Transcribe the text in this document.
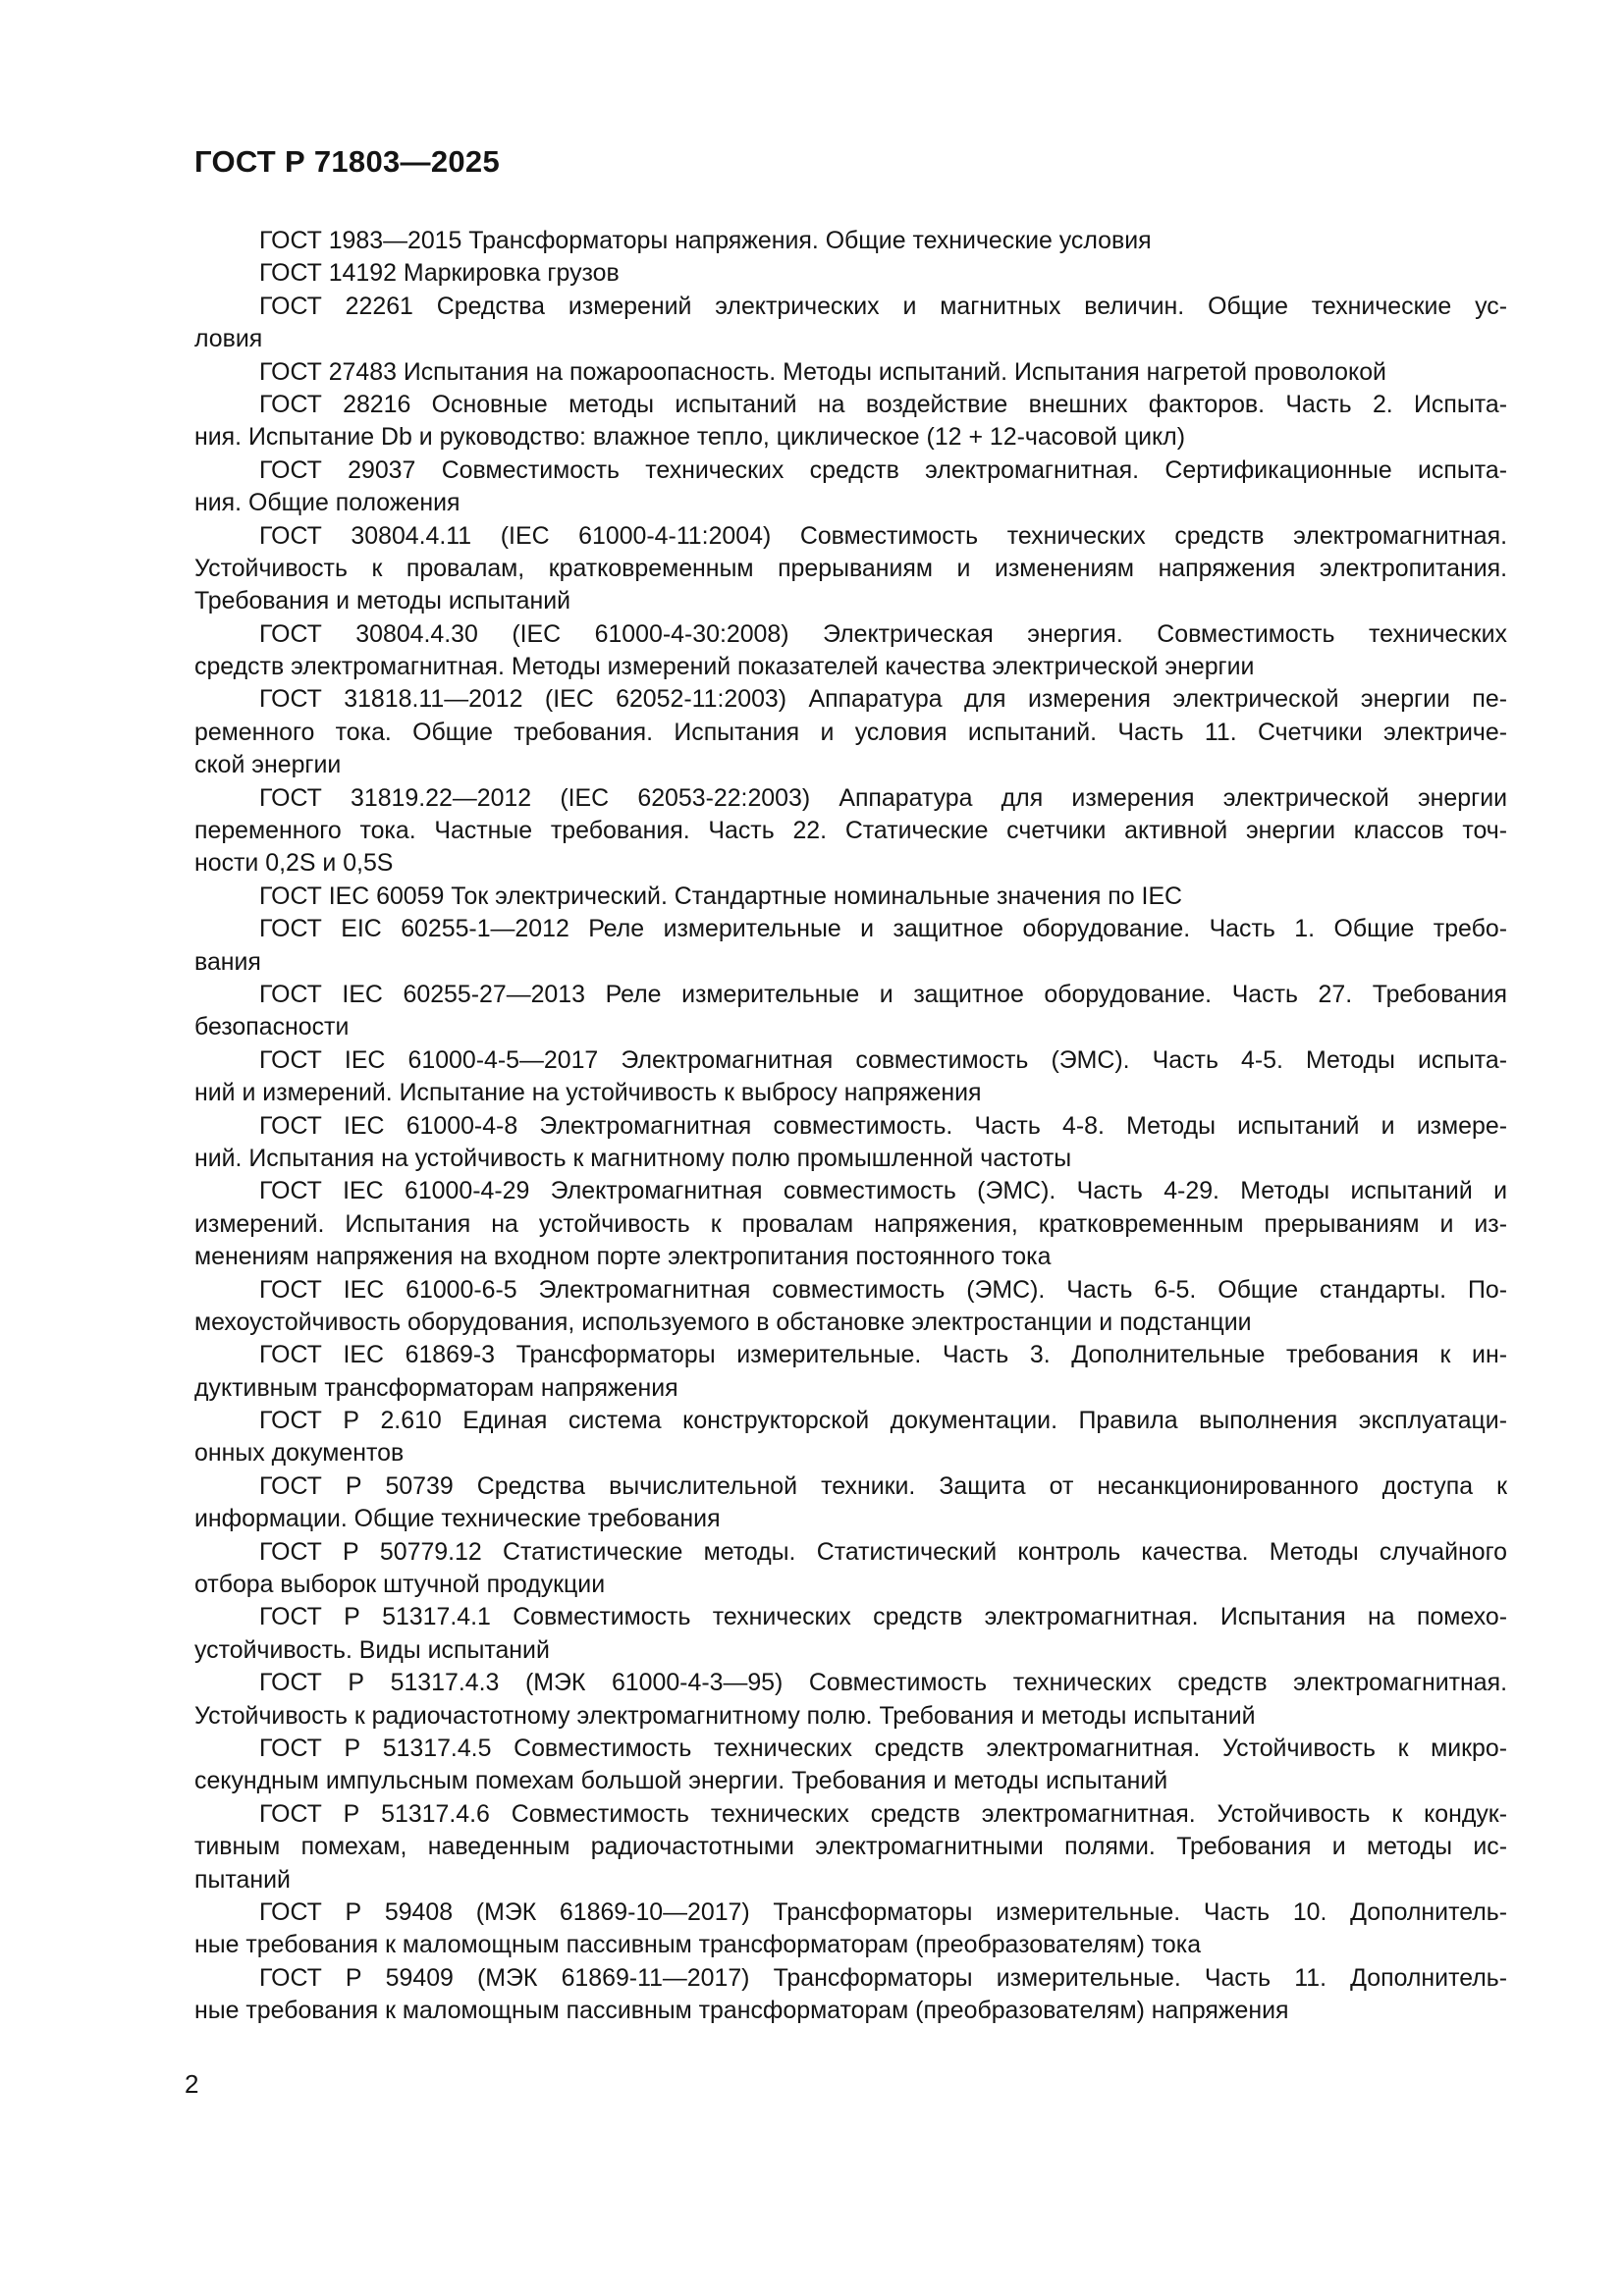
ГОСТ Р 71803—2025
ГОСТ 1983—2015 Трансформаторы напряжения. Общие технические условия
ГОСТ 14192 Маркировка грузов
ГОСТ 22261 Средства измерений электрических и магнитных величин. Общие технические ус-
ловия
ГОСТ 27483 Испытания на пожароопасность. Методы испытаний. Испытания нагретой проволокой
ГОСТ 28216 Основные методы испытаний на воздействие внешних факторов. Часть 2. Испыта-
ния. Испытание Db и руководство: влажное тепло, циклическое (12 + 12-часовой цикл)
ГОСТ 29037 Совместимость технических средств электромагнитная. Сертификационные испыта-
ния. Общие положения
ГОСТ 30804.4.11 (IEC 61000-4-11:2004) Совместимость технических средств электромагнитная.
Устойчивость к провалам, кратковременным прерываниям и изменениям напряжения электропитания.
Требования и методы испытаний
ГОСТ 30804.4.30 (IEC 61000-4-30:2008) Электрическая энергия. Совместимость технических
средств электромагнитная. Методы измерений показателей качества электрической энергии
ГОСТ 31818.11—2012 (IEC 62052-11:2003) Аппаратура для измерения электрической энергии пе-
ременного тока. Общие требования. Испытания и условия испытаний. Часть 11. Счетчики электриче-
ской энергии
ГОСТ 31819.22—2012 (IEC 62053-22:2003) Аппаратура для измерения электрической энергии
переменного тока. Частные требования. Часть 22. Статические счетчики активной энергии классов точ-
ности 0,2S и 0,5S
ГОСТ IEC 60059 Ток электрический. Стандартные номинальные значения по IEC
ГОСТ EIC 60255-1—2012 Реле измерительные и защитное оборудование. Часть 1. Общие требо-
вания
ГОСТ IEC 60255-27—2013 Реле измерительные и защитное оборудование. Часть 27. Требования
безопасности
ГОСТ IEC 61000-4-5—2017 Электромагнитная совместимость (ЭМС). Часть 4-5. Методы испыта-
ний и измерений. Испытание на устойчивость к выбросу напряжения
ГОСТ IEC 61000-4-8 Электромагнитная совместимость. Часть 4-8. Методы испытаний и измере-
ний. Испытания на устойчивость к магнитному полю промышленной частоты
ГОСТ IEC 61000-4-29 Электромагнитная совместимость (ЭМС). Часть 4-29. Методы испытаний и
измерений. Испытания на устойчивость к провалам напряжения, кратковременным прерываниям и из-
менениям напряжения на входном порте электропитания постоянного тока
ГОСТ IEC 61000-6-5 Электромагнитная совместимость (ЭМС). Часть 6-5. Общие стандарты. По-
мехоустойчивость оборудования, используемого в обстановке электростанции и подстанции
ГОСТ IEC 61869-3 Трансформаторы измерительные. Часть 3. Дополнительные требования к ин-
дуктивным трансформаторам напряжения
ГОСТ Р 2.610 Единая система конструкторской документации. Правила выполнения эксплуатаци-
онных документов
ГОСТ Р 50739 Средства вычислительной техники. Защита от несанкционированного доступа к
информации. Общие технические требования
ГОСТ Р 50779.12 Статистические методы. Статистический контроль качества. Методы случайного
отбора выборок штучной продукции
ГОСТ Р 51317.4.1 Совместимость технических средств электромагнитная. Испытания на помехо-
устойчивость. Виды испытаний
ГОСТ Р 51317.4.3 (МЭК 61000-4-3—95) Совместимость технических средств электромагнитная.
Устойчивость к радиочастотному электромагнитному полю. Требования и методы испытаний
ГОСТ Р 51317.4.5 Совместимость технических средств электромагнитная. Устойчивость к микро-
секундным импульсным помехам большой энергии. Требования и методы испытаний
ГОСТ Р 51317.4.6 Совместимость технических средств электромагнитная. Устойчивость к кондук-
тивным помехам, наведенным радиочастотными электромагнитными полями. Требования и методы ис-
пытаний
ГОСТ Р 59408 (МЭК 61869-10—2017) Трансформаторы измерительные. Часть 10. Дополнитель-
ные требования к маломощным пассивным трансформаторам (преобразователям) тока
ГОСТ Р 59409 (МЭК 61869-11—2017) Трансформаторы измерительные. Часть 11. Дополнитель-
ные требования к маломощным пассивным трансформаторам (преобразователям) напряжения
2
